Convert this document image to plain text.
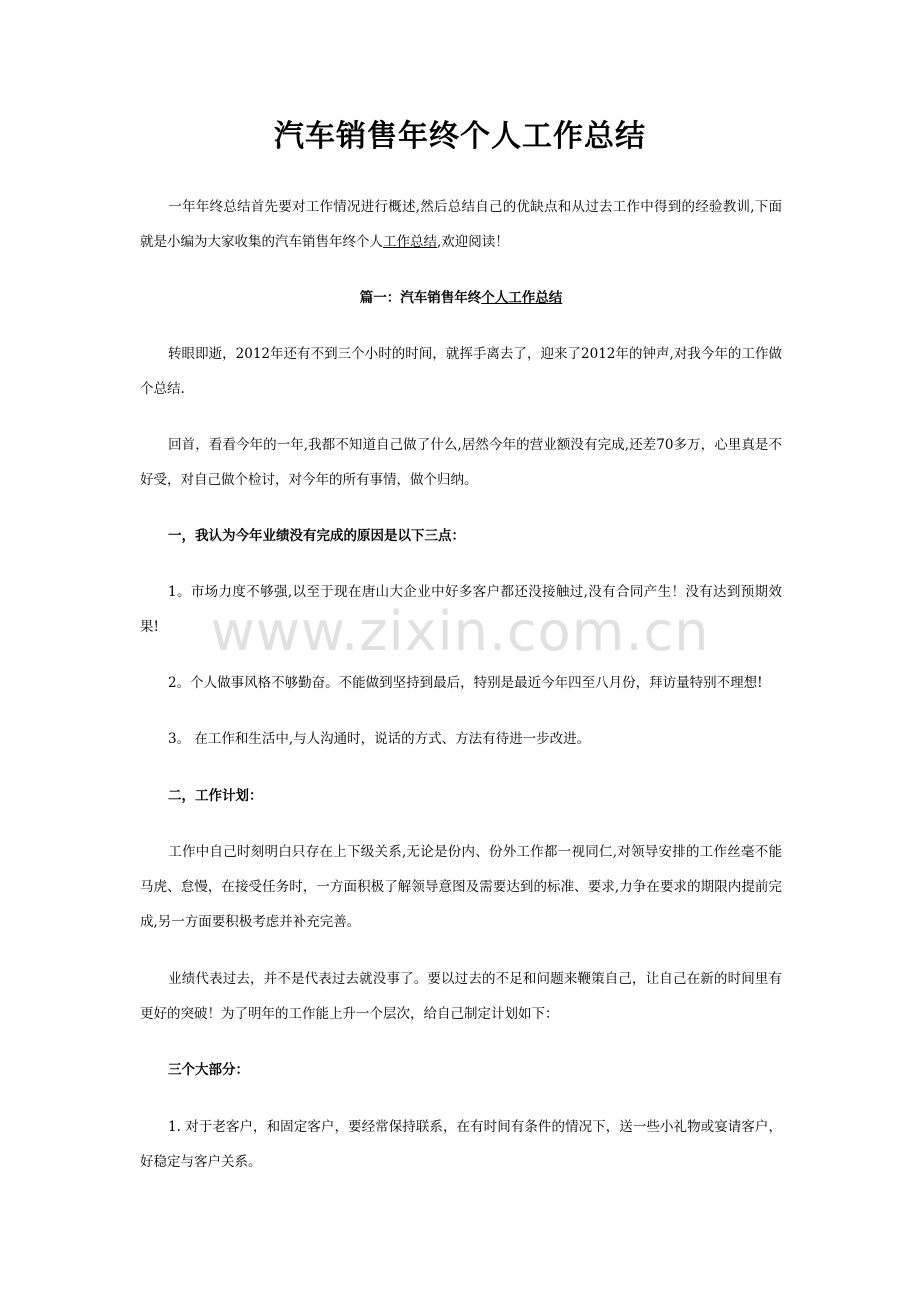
汽车销售年终个人工作总结

一年年终总结首先要对工作情况进行概述,然后总结自己的优缺点和从过去工作中得到的经验教训,下面就是小编为大家收集的汽车销售年终个人工作总结,欢迎阅读！

篇一：汽车销售年终个人工作总结

转眼即逝，2012年还有不到三个小时的时间，就挥手离去了，迎来了2012年的钟声,对我今年的工作做个总结.

回首，看看今年的一年,我都不知道自己做了什么,居然今年的营业额没有完成,还差70多万，心里真是不好受，对自己做个检讨，对今年的所有事情，做个归纳。

一，我认为今年业绩没有完成的原因是以下三点：

1。市场力度不够强,以至于现在唐山大企业中好多客户都还没接触过,没有合同产生！没有达到预期效果!

2。个人做事风格不够勤奋。不能做到坚持到最后，特别是最近今年四至八月份，拜访量特别不理想!

3。 在工作和生活中,与人沟通时，说话的方式、方法有待进一步改进。

二，工作计划：

工作中自己时刻明白只存在上下级关系,无论是份内、份外工作都一视同仁,对领导安排的工作丝毫不能马虎、怠慢，在接受任务时，一方面积极了解领导意图及需要达到的标准、要求,力争在要求的期限内提前完成,另一方面要积极考虑并补充完善。

业绩代表过去，并不是代表过去就没事了。要以过去的不足和问题来鞭策自己，让自己在新的时间里有更好的突破！为了明年的工作能上升一个层次，给自己制定计划如下：

三个大部分：

1. 对于老客户，和固定客户，要经常保持联系，在有时间有条件的情况下，送一些小礼物或宴请客户，好稳定与客户关系。

www.zixin.com.cn
